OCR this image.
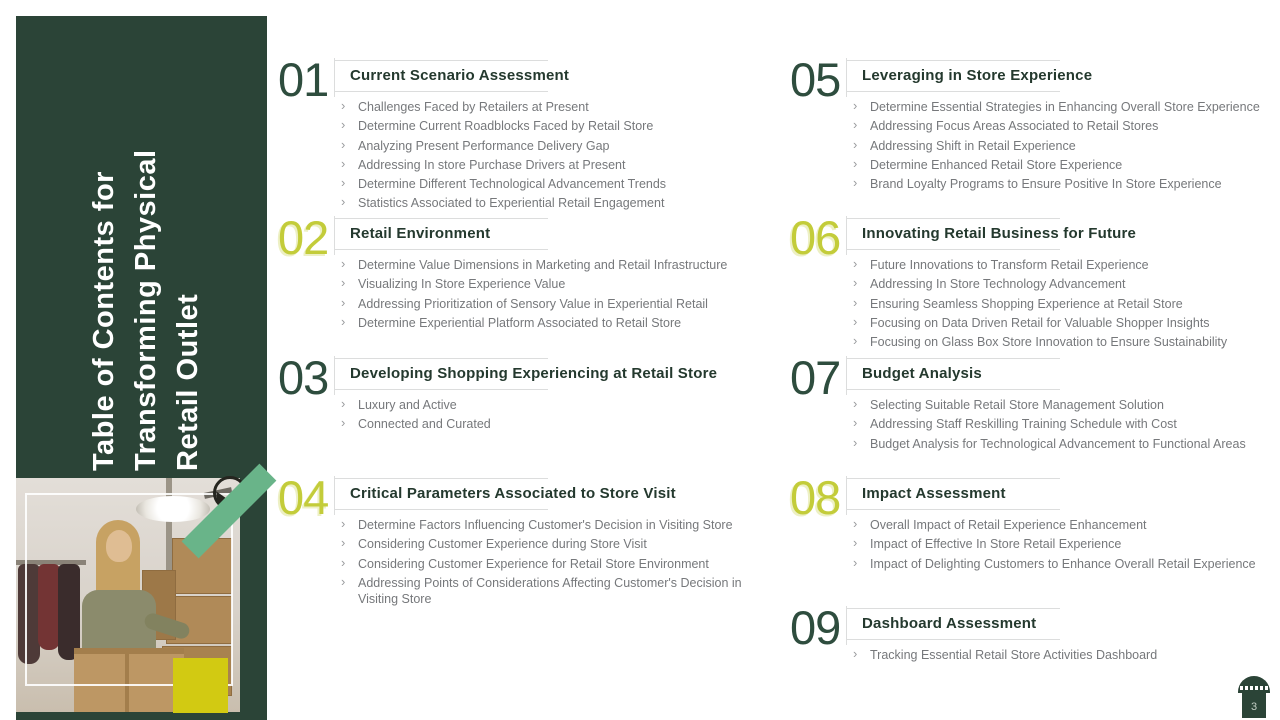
Table of Contents for Transforming Physical Retail Outlet
01	Current Scenario Assessment
› Challenges Faced by Retailers at Present
› Determine Current Roadblocks Faced by Retail Store
› Analyzing Present Performance Delivery Gap
› Addressing In store Purchase Drivers at Present
› Determine Different Technological Advancement Trends
› Statistics Associated to Experiential Retail Engagement
02	Retail Environment
› Determine Value Dimensions in Marketing and Retail Infrastructure
› Visualizing In Store Experience Value
› Addressing Prioritization of Sensory Value in Experiential Retail
› Determine Experiential Platform Associated to Retail Store
03	Developing Shopping Experiencing at Retail Store
› Luxury and Active
› Connected and Curated
04	Critical Parameters Associated to Store Visit
› Determine Factors Influencing Customer's Decision in Visiting Store
› Considering Customer Experience during Store Visit
› Considering Customer Experience for Retail Store Environment
› Addressing Points of Considerations Affecting Customer's Decision in Visiting Store
05	Leveraging in Store Experience
› Determine Essential Strategies in Enhancing Overall Store Experience
› Addressing Focus Areas Associated to Retail Stores
› Addressing Shift in Retail Experience
› Determine Enhanced Retail Store Experience
› Brand Loyalty Programs to Ensure Positive In Store Experience
06	Innovating Retail Business for Future
› Future Innovations to Transform Retail Experience
› Addressing In Store Technology Advancement
› Ensuring Seamless Shopping Experience at Retail Store
› Focusing on Data Driven Retail for Valuable Shopper Insights
› Focusing on Glass Box Store Innovation to Ensure Sustainability
07	Budget Analysis
› Selecting Suitable Retail Store Management Solution
› Addressing Staff Reskilling Training Schedule with Cost
› Budget Analysis for Technological Advancement to Functional Areas
08	Impact Assessment
› Overall Impact of Retail Experience Enhancement
› Impact of Effective In Store Retail Experience
› Impact of Delighting Customers to Enhance Overall Retail Experience
09	Dashboard Assessment
› Tracking Essential Retail Store Activities Dashboard
3
